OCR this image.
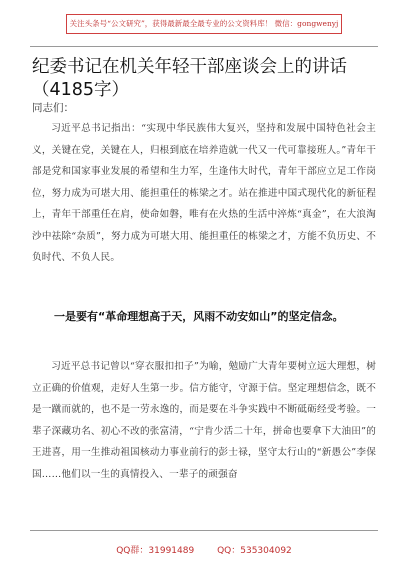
关注头条号“公文研究”，获得最新最全最专业的公文资料库！ 微信：gongwenyj
纪委书记在机关年轻干部座谈会上的讲话
（4185字）
同志们：

习近平总书记指出：“实现中华民族伟大复兴，坚持和发展中国特色社会主义，关键在党，关键在人，归根到底在培养造就一代又一代可靠接班人。”青年干部是党和国家事业发展的希望和生力军，生逢伟大时代，青年干部应立足工作岗位，努力成为可堪大用、能担重任的栋梁之才。站在推进中国式现代化的新征程上，青年干部重任在肩，使命如磐，唯有在火热的生活中淬炼“真金”，在大浪淘沙中祛除“杂质”，努力成为可堪大用、能担重任的栋梁之才，方能不负历史、不负时代、不负人民。

一是要有“革命理想高于天，风雨不动安如山”的坚定信念。

习近平总书记曾以“穿衣服扣扣子”为喻，勉励广大青年要树立远大理想，树立正确的价值观，走好人生第一步。信方能守，守源于信。坚定理想信念，既不是一蹴而就的，也不是一劳永逸的，而是要在斗争实践中不断砥砺经受考验。一辈子深藏功名、初心不改的张富清，“宁肯少活二十年，拼命也要拿下大油田”的王进喜，用一生推动祖国核动力事业前行的彭士禄，坚守太行山的“新愚公”李保国……他们以一生的真情投入、一辈子的顽强奋

QQ群：31991489	QQ：535304092
